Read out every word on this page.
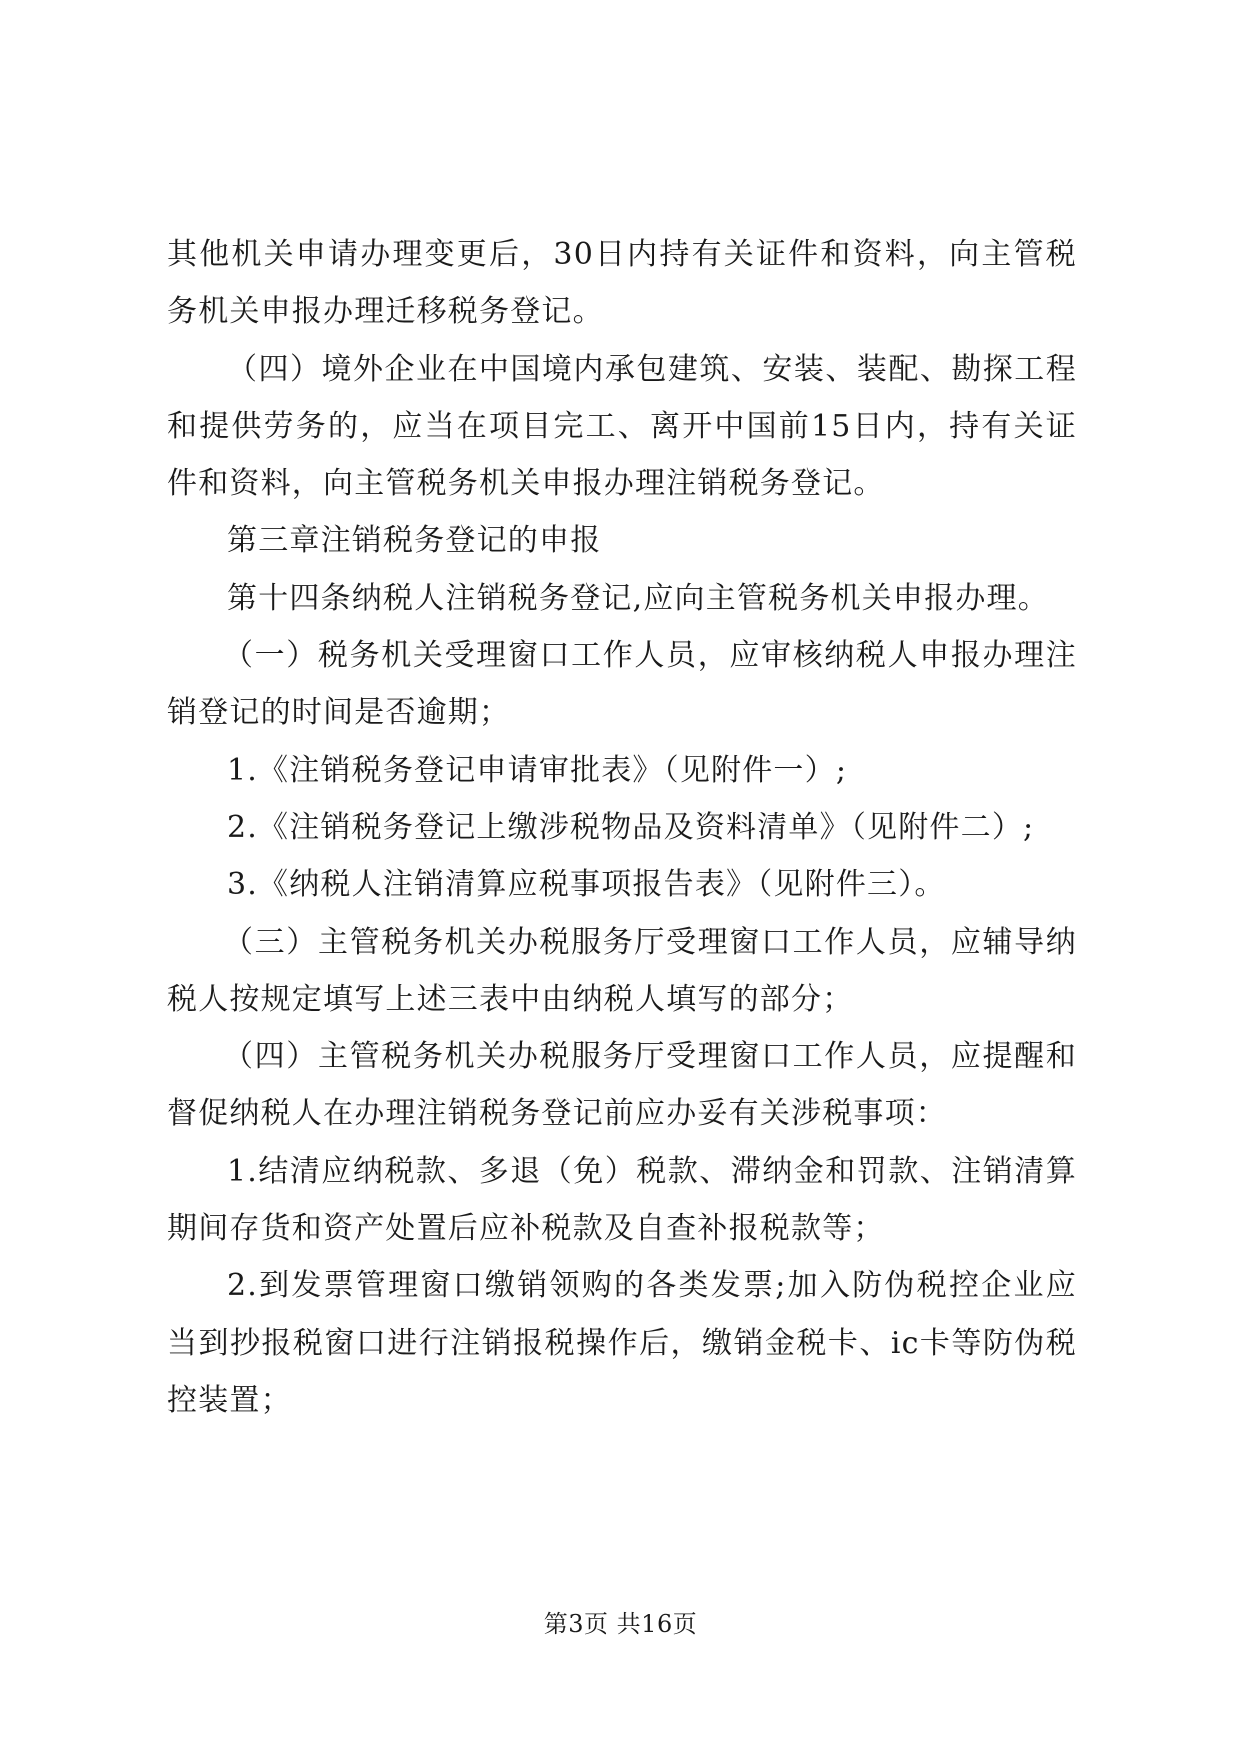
其他机关申请办理变更后，30日内持有关证件和资料，向主管税务机关申报办理迁移税务登记。

（四）境外企业在中国境内承包建筑、安装、装配、勘探工程和提供劳务的，应当在项目完工、离开中国前15日内，持有关证件和资料，向主管税务机关申报办理注销税务登记。

第三章注销税务登记的申报

第十四条纳税人注销税务登记,应向主管税务机关申报办理。

（一）税务机关受理窗口工作人员，应审核纳税人申报办理注销登记的时间是否逾期；

1.《注销税务登记申请审批表》（见附件一）;

2.《注销税务登记上缴涉税物品及资料清单》（见附件二）;

3.《纳税人注销清算应税事项报告表》（见附件三）。

（三）主管税务机关办税服务厅受理窗口工作人员，应辅导纳税人按规定填写上述三表中由纳税人填写的部分；

（四）主管税务机关办税服务厅受理窗口工作人员，应提醒和督促纳税人在办理注销税务登记前应办妥有关涉税事项：

1.结清应纳税款、多退（免）税款、滞纳金和罚款、注销清算期间存货和资产处置后应补税款及自查补报税款等；

2.到发票管理窗口缴销领购的各类发票;加入防伪税控企业应当到抄报税窗口进行注销报税操作后，缴销金税卡、ic卡等防伪税控装置；

第3页 共16页
